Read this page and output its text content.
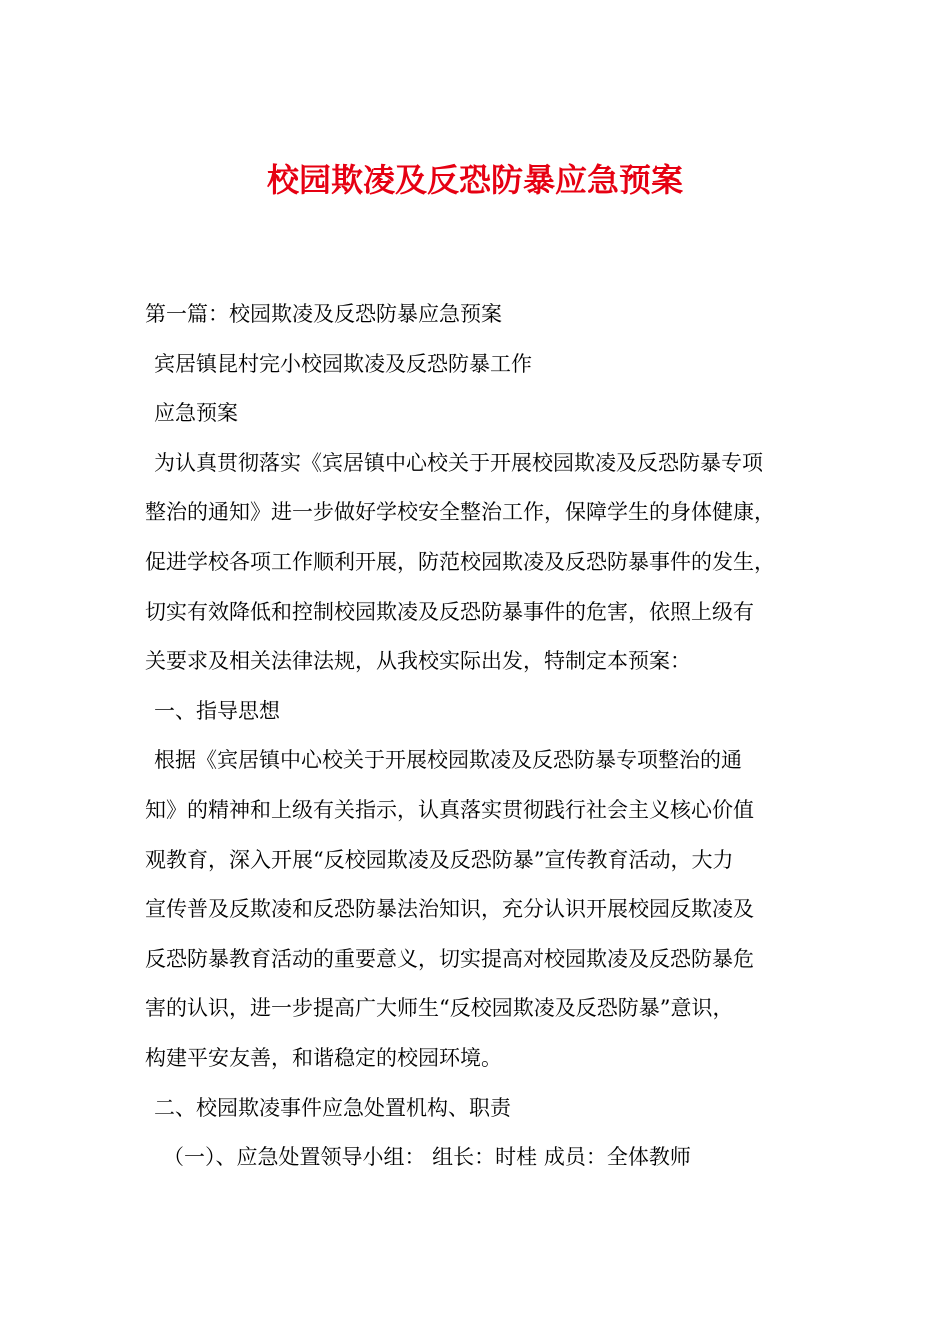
校园欺凌及反恐防暴应急预案
第一篇：校园欺凌及反恐防暴应急预案
宾居镇昆村完小校园欺凌及反恐防暴工作
应急预案
为认真贯彻落实《宾居镇中心校关于开展校园欺凌及反恐防暴专项
整治的通知》进一步做好学校安全整治工作，保障学生的身体健康，
促进学校各项工作顺利开展，防范校园欺凌及反恐防暴事件的发生，
切实有效降低和控制校园欺凌及反恐防暴事件的危害，依照上级有
关要求及相关法律法规，从我校实际出发，特制定本预案：
一、指导思想
根据《宾居镇中心校关于开展校园欺凌及反恐防暴专项整治的通
知》的精神和上级有关指示，认真落实贯彻践行社会主义核心价值
观教育，深入开展“反校园欺凌及反恐防暴”宣传教育活动，大力
宣传普及反欺凌和反恐防暴法治知识，充分认识开展校园反欺凌及
反恐防暴教育活动的重要意义，切实提高对校园欺凌及反恐防暴危
害的认识，进一步提高广大师生“反校园欺凌及反恐防暴”意识，
构建平安友善，和谐稳定的校园环境。
二、校园欺凌事件应急处置机构、职责
（一）、应急处置领导小组： 组长：时桂 成员：全体教师
